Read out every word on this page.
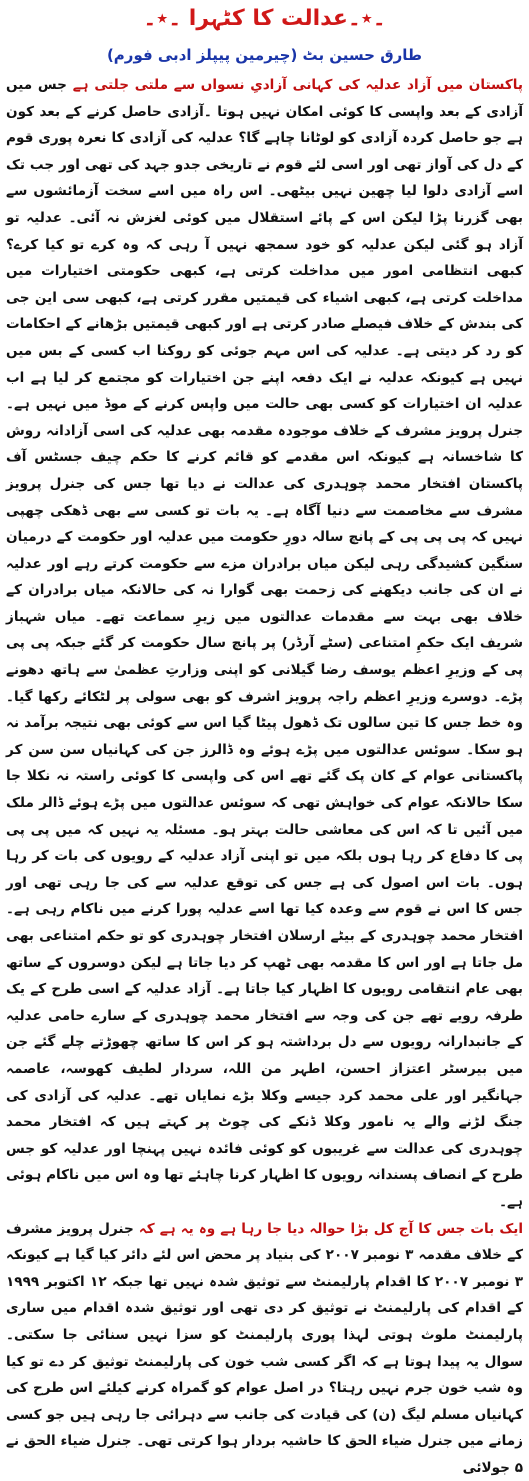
۔٭۔عدالت کا کٹہرا ۔٭۔
طارق حسین بٹ (چیرمین پیپلز ادبی فورم)

پاکستان میں آزاد عدلیہ کی کہانی آزادیِ نسواں سے ملتی جلتی ہے جس میں آزادی کے بعد واپسی کا کوئی امکان نہیں ہوتا ۔آزادی حاصل کرنے کے بعد کون ہے جو حاصل کردہ آزادی کو لوٹانا چاہے گا؟ عدلیہ کی آزادی کا نعرہ پوری قوم کے دل کی آواز تھی اور اسی لئے قوم نے تاریخی جدو جہد کی تھی اور جب تک اسے آزادی دلوا لیا چھین نہیں بیٹھی۔ اس راہ میں اسے سخت آزمائشوں سے بھی گزرنا پڑا لیکن اس کے پائے استقلال میں کوئی لغزش نہ آئی۔ عدلیہ تو آزاد ہو گئی لیکن عدلیہ کو خود سمجھ نہیں آ رہی کہ وہ کرے تو کیا کرے؟ کبھی انتظامی امور میں مداخلت کرتی ہے، کبھی حکومتی اختیارات میں مداخلت کرتی ہے، کبھی اشیاء کی قیمتیں مقرر کرتی ہے، کبھی سی این جی کی بندش کے خلاف فیصلے صادر کرتی ہے اور کبھی قیمتیں بڑھانے کے احکامات کو رد کر دیتی ہے۔ عدلیہ کی اس مہم جوئی کو روکنا اب کسی کے بس میں نہیں ہے کیونکہ عدلیہ نے ایک دفعہ اپنے جن اختیارات کو مجتمع کر لیا ہے اب عدلیہ ان اختیارات کو کسی بھی حالت میں واپس کرنے کے موڈ میں نہیں ہے۔ جنرل پرویز مشرف کے خلاف موجودہ مقدمہ بھی عدلیہ کی اسی آزادانہ روش کا شاخسانہ ہے کیونکہ اس مقدمے کو قائم کرنے کا حکم چیف جسٹس آف پاکستان افتخار محمد چوہدری کی عدالت نے دیا تھا جس کی جنرل پرویز مشرف سے مخاصمت سے دنیا آگاہ ہے۔ یہ بات تو کسی سے بھی ڈھکی چھپی نہیں کہ پی پی پی کے پانچ سالہ دورِ حکومت میں عدلیہ اور حکومت کے درمیان سنگین کشیدگی رہی لیکن میاں برادران مزے سے حکومت کرتے رہے اور عدلیہ نے ان کی جانب دیکھنے کی زحمت بھی گوارا نہ کی حالانکہ میاں برادران کے خلاف بھی بہت سے مقدمات عدالتوں میں زیرِ سماعت تھے۔ میاں شہباز شریف ایک حکمِ امتناعی (سٹے آرڈر) پر پانچ سال حکومت کر گئے جبکہ پی پی پی کے وزیرِ اعظم یوسف رضا گیلانی کو اپنی وزارتِ عظمیٰ سے ہاتھ دھونے پڑے۔ دوسرے وزیرِ اعظم راجہ پرویز اشرف کو بھی سولی پر لٹکائے رکھا گیا۔ وہ خط جس کا تین سالوں تک ڈھول پیٹا گیا اس سے کوئی بھی نتیجہ برآمد نہ ہو سکا۔ سوئس عدالتوں میں پڑے ہوئے وہ ڈالرز جن کی کہانیاں سن سن کر پاکستانی عوام کے کان پک گئے تھے اس کی واپسی کا کوئی راستہ نہ نکلا جا سکا حالانکہ عوام کی خواہش تھی کہ سوئس عدالتوں میں پڑے ہوئے ڈالر ملک میں آئیں تا کہ اس کی معاشی حالت بہتر ہو۔ مسئلہ یہ نہیں کہ میں پی پی پی کا دفاع کر رہا ہوں بلکہ میں تو اپنی آزاد عدلیہ کے رویوں کی بات کر رہا ہوں۔ بات اس اصول کی ہے جس کی توقع عدلیہ سے کی جا رہی تھی اور جس کا اس نے قوم سے وعدہ کیا تھا اسے عدلیہ پورا کرنے میں ناکام رہی ہے۔ افتخار محمد چوہدری کے بیٹے ارسلان افتخار چوہدری کو تو حکم امتناعی بھی مل جاتا ہے اور اس کا مقدمہ بھی ٹھپ کر دیا جاتا ہے لیکن دوسروں کے ساتھ بھی عام انتقامی رویوں کا اظہار کیا جاتا ہے۔ آزاد عدلیہ کے اسی طرح کے یک طرفہ رویے تھے جن کی وجہ سے افتخار محمد چوہدری کے سارے حامی عدلیہ کے جانبدارانہ رویوں سے دل برداشتہ ہو کر اس کا ساتھ چھوڑتے چلے گئے جن میں بیرسٹر اعتزاز احسن، اطہر من اللہ، سردار لطیف کھوسہ، عاصمہ جہانگیر اور علی محمد کرد جیسے وکلا بڑے نمایاں تھے۔ عدلیہ کی آزادی کی جنگ لڑنے والے یہ نامور وکلا ڈنکے کی چوٹ پر کہتے ہیں کہ افتخار محمد چوہدری کی عدالت سے غریبوں کو کوئی فائدہ نہیں پہنچا اور عدلیہ کو جس طرح کے انصاف پسندانہ رویوں کا اظہار کرنا چاہئے تھا وہ اس میں ناکام ہوئی ہے۔

ایک بات جس کا آج کل بڑا حوالہ دیا جا رہا ہے وہ یہ ہے کہ جنرل پرویز مشرف کے خلاف مقدمہ ۳ نومبر ۲۰۰۷ کی بنیاد پر محض اس لئے دائر کیا گیا ہے کیونکہ ۳ نومبر ۲۰۰۷ کا اقدام پارلیمنٹ سے توثیق شدہ نہیں تھا جبکہ ۱۲ اکتوبر ۱۹۹۹ کے اقدام کی پارلیمنٹ نے توثیق کر دی تھی اور توثیق شدہ اقدام میں ساری پارلیمنٹ ملوث ہوتی لہذا پوری پارلیمنٹ کو سزا نہیں سنائی جا سکتی۔ سوال یہ پیدا ہوتا ہے کہ اگر کسی شب خون کی پارلیمنٹ توثیق کر دے تو کیا وہ شب خون جرم نہیں رہتا؟ در اصل عوام کو گمراہ کرنے کیلئے اس طرح کی کہانیاں مسلم لیگ (ن) کی قیادت کی جانب سے دہرائی جا رہی ہیں جو کسی زمانے میں جنرل ضیاء الحق کا حاشیہ بردار ہوا کرتی تھی۔ جنرل ضیاء الحق نے ۵ جولائی
